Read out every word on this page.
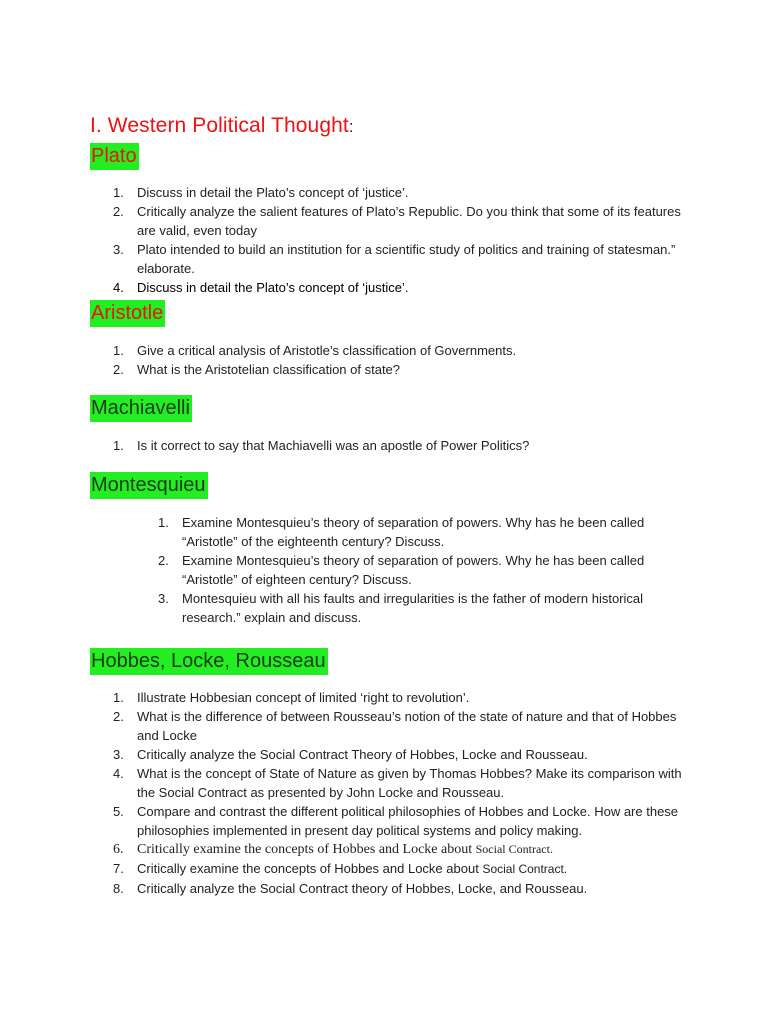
I. Western Political Thought:
Plato
1. Discuss in detail the Plato’s concept of ‘justice’.
2. Critically analyze the salient features of Plato’s Republic. Do you think that some of its features are valid, even today
3. Plato intended to build an institution for a scientific study of politics and training of statesman.” elaborate.
4. Discuss in detail the Plato’s concept of ‘justice’.
Aristotle
1. Give a critical analysis of Aristotle’s classification of Governments.
2. What is the Aristotelian classification of state?
Machiavelli
1. Is it correct to say that Machiavelli was an apostle of Power Politics?
Montesquieu
1. Examine Montesquieu’s theory of separation of powers. Why has he been called “Aristotle” of the eighteenth century? Discuss.
2. Examine Montesquieu’s theory of separation of powers. Why he has been called “Aristotle” of eighteen century? Discuss.
3. Montesquieu with all his faults and irregularities is the father of modern historical research.” explain and discuss.
Hobbes, Locke, Rousseau
1. Illustrate Hobbesian concept of limited ‘right to revolution’.
2. What is the difference of between Rousseau’s notion of the state of nature and that of Hobbes and Locke
3. Critically analyze the Social Contract Theory of Hobbes, Locke and Rousseau.
4. What is the concept of State of Nature as given by Thomas Hobbes? Make its comparison with the Social Contract as presented by John Locke and Rousseau.
5. Compare and contrast the different political philosophies of Hobbes and Locke. How are these philosophies implemented in present day political systems and policy making.
6. Critically examine the concepts of Hobbes and Locke about Social Contract.
7. Critically examine the concepts of Hobbes and Locke about Social Contract.
8. Critically analyze the Social Contract theory of Hobbes, Locke, and Rousseau.
